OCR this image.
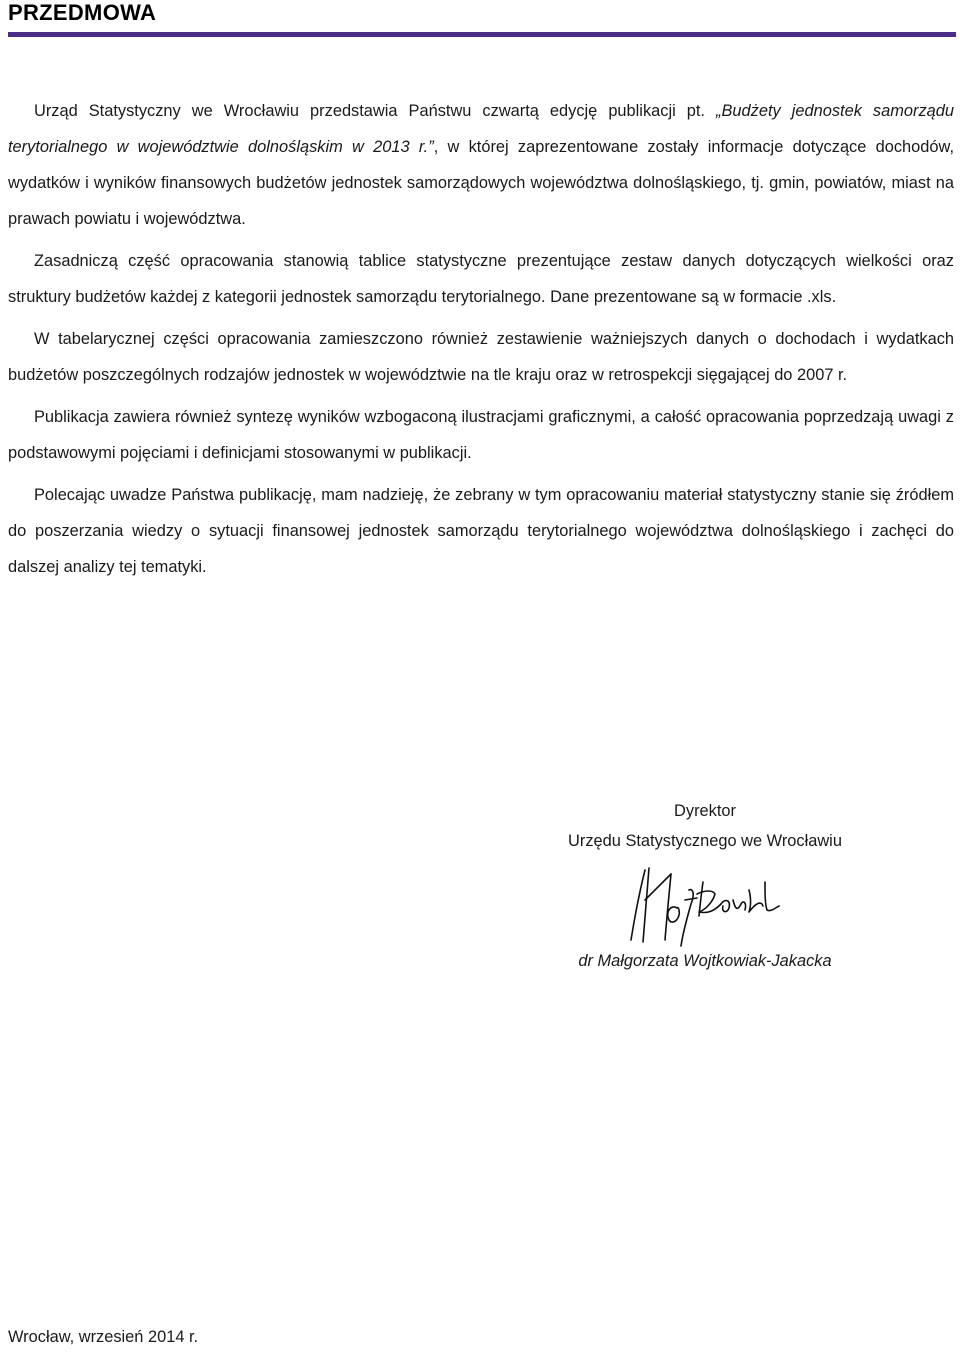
PRZEDMOWA

Urząd Statystyczny we Wrocławiu przedstawia Państwu czwartą edycję publikacji pt. „Budżety jednostek samorządu terytorialnego w województwie dolnośląskim w 2013 r.”, w której zaprezentowane zostały informacje dotyczące dochodów, wydatków i wyników finansowych budżetów jednostek samorządowych województwa dolnośląskiego, tj. gmin, powiatów, miast na prawach powiatu i województwa.

Zasadniczą część opracowania stanowią tablice statystyczne prezentujące zestaw danych dotyczących wielkości oraz struktury budżetów każdej z kategorii jednostek samorządu terytorialnego. Dane prezentowane są w formacie .xls.

W tabelarycznej części opracowania zamieszczono również zestawienie ważniejszych danych o dochodach i wydatkach budżetów poszczególnych rodzajów jednostek w województwie na tle kraju oraz w retrospekcji sięgającej do 2007 r.

Publikacja zawiera również syntezę wyników wzbogaconą ilustracjami graficznymi, a całość opracowania poprzedzają uwagi z podstawowymi pojęciami i definicjami stosowanymi w publikacji.

Polecając uwadze Państwa publikację, mam nadzieję, że zebrany w tym opracowaniu materiał statystyczny stanie się źródłem do poszerzania wiedzy o sytuacji finansowej jednostek samorządu terytorialnego województwa dolnośląskiego i zachęci do dalszej analizy tej tematyki.

Dyrektor
Urzędu Statystycznego we Wrocławiu
dr Małgorzata Wojtkowiak-Jakacka
Wrocław, wrzesień 2014 r.
